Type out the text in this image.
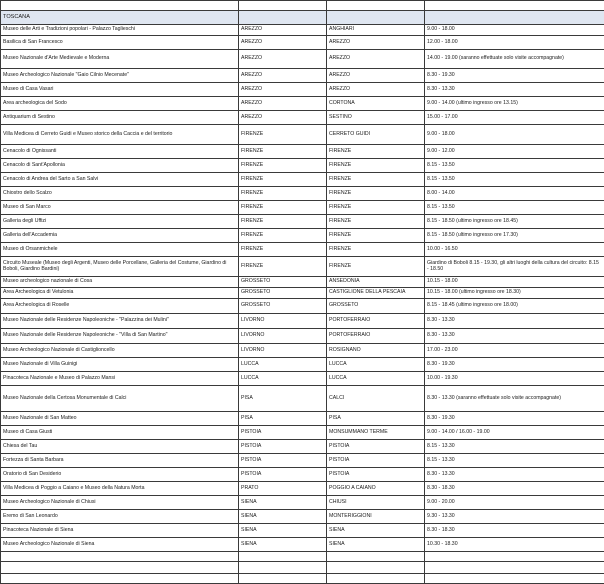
TOSCANA			
Museo delle Arti e Tradizioni popolari - Palazzo Taglieschi	AREZZO	ANGHIARI	9.00 - 18.00
Basilica di San Francesco	AREZZO	AREZZO	12.00 - 18.00
Museo Nazionale d'Arte Medievale e Moderna	AREZZO	AREZZO	14.00 - 19.00 (saranno effettuate solo visite accompagnate)
Museo Archeologico Nazionale "Gaio Cilnio Mecenate"	AREZZO	AREZZO	8.30 - 19.30
Museo di Casa Vasari	AREZZO	AREZZO	8.30 - 13.30
Area archeologica del Sodo	AREZZO	CORTONA	9.00 - 14.00 (ultimo ingresso ore 13.15)
Antiquarium di Sestino	AREZZO	SESTINO	15.00 - 17.00
Villa Medicea di Cerreto Guidi e Museo storico della Caccia e del territorio	FIRENZE	CERRETO GUIDI	9.00 - 18.00
Cenacolo di Ognissanti	FIRENZE	FIRENZE	9.00 - 12.00
Cenacolo di Sant'Apollonia	FIRENZE	FIRENZE	8.15 - 13.50
Cenacolo di Andrea del Sarto a San Salvi	FIRENZE	FIRENZE	8.15 - 13.50
Chiostro dello Scalzo	FIRENZE	FIRENZE	8.00 - 14.00
Museo di San Marco	FIRENZE	FIRENZE	8.15 - 13.50
Galleria degli Uffizi	FIRENZE	FIRENZE	8.15 - 18.50 (ultimo ingresso ore 18.45)
Galleria dell'Accademia	FIRENZE	FIRENZE	8.15 - 18.50 (ultimo ingresso ore 17.30)
Museo di Orsanmichele	FIRENZE	FIRENZE	10.00 - 16.50
Circuito Museale (Museo degli Argenti, Museo delle Porcellane, Galleria del Costume, Giardino di Boboli, Giardino Bardini)	FIRENZE	FIRENZE	Giardino di Boboli 8.15 - 19.30, gli altri luoghi della cultura del circuito: 8.15 - 18.50
Museo archeologico nazionale di Cosa	GROSSETO	ANSEDONIA	10.15 - 18.00
Area Archeologica di Vetulonia	GROSSETO	CASTIGLIONE DELLA PESCAIA	10.15 - 18.00 (ultimo ingresso ore 18.30)
Area Archeologica di Roselle	GROSSETO	GROSSETO	8.15 - 18.45 (ultimo ingresso ore 18.00)
Museo Nazionale delle Residenze Napoleoniche - "Palazzina dei Mulini"	LIVORNO	PORTOFERRAIO	8.30 - 13.30
Museo Nazionale delle Residenze Napoleoniche - "Villa di San Martino"	LIVORNO	PORTOFERRAIO	8.30 - 13.30
Museo Archeologico Nazionale di Castiglioncello	LIVORNO	ROSIGNANO	17.00 - 23.00
Museo Nazionale di Villa Guinigi	LUCCA	LUCCA	8.30 - 19.30
Pinacoteca Nazionale e Museo di Palazzo Mansi	LUCCA	LUCCA	10.00 - 19.30
Museo Nazionale della Certosa Monumentale di Calci	PISA	CALCI	8.30 - 13.30 (saranno effettuate solo visite accompagnate)
Museo Nazionale di San Matteo	PISA	PISA	8.30 - 19.30
Museo di Casa Giusti	PISTOIA	MONSUMMANO TERME	9.00 - 14.00 / 16.00 - 19.00
Chiesa del Tau	PISTOIA	PISTOIA	8.15 - 13.30
Fortezza di Santa Barbara	PISTOIA	PISTOIA	8.15 - 13.30
Oratorio di San Desiderio	PISTOIA	PISTOIA	8.30 - 13.30
Villa Medicea di Poggio a Caiano e Museo della Natura Morta	PRATO	POGGIO A CAIANO	8.30 - 18.30
Museo Archeologico Nazionale di Chiusi	SIENA	CHIUSI	9.00 - 20.00
Eremo di San Leonardo	SIENA	MONTERIGGIONI	9.30 - 13.30
Pinacoteca Nazionale di Siena	SIENA	SIENA	8.30 - 18.30
Museo Archeologico Nazionale di Siena	SIENA	SIENA	10.30 - 18.30
